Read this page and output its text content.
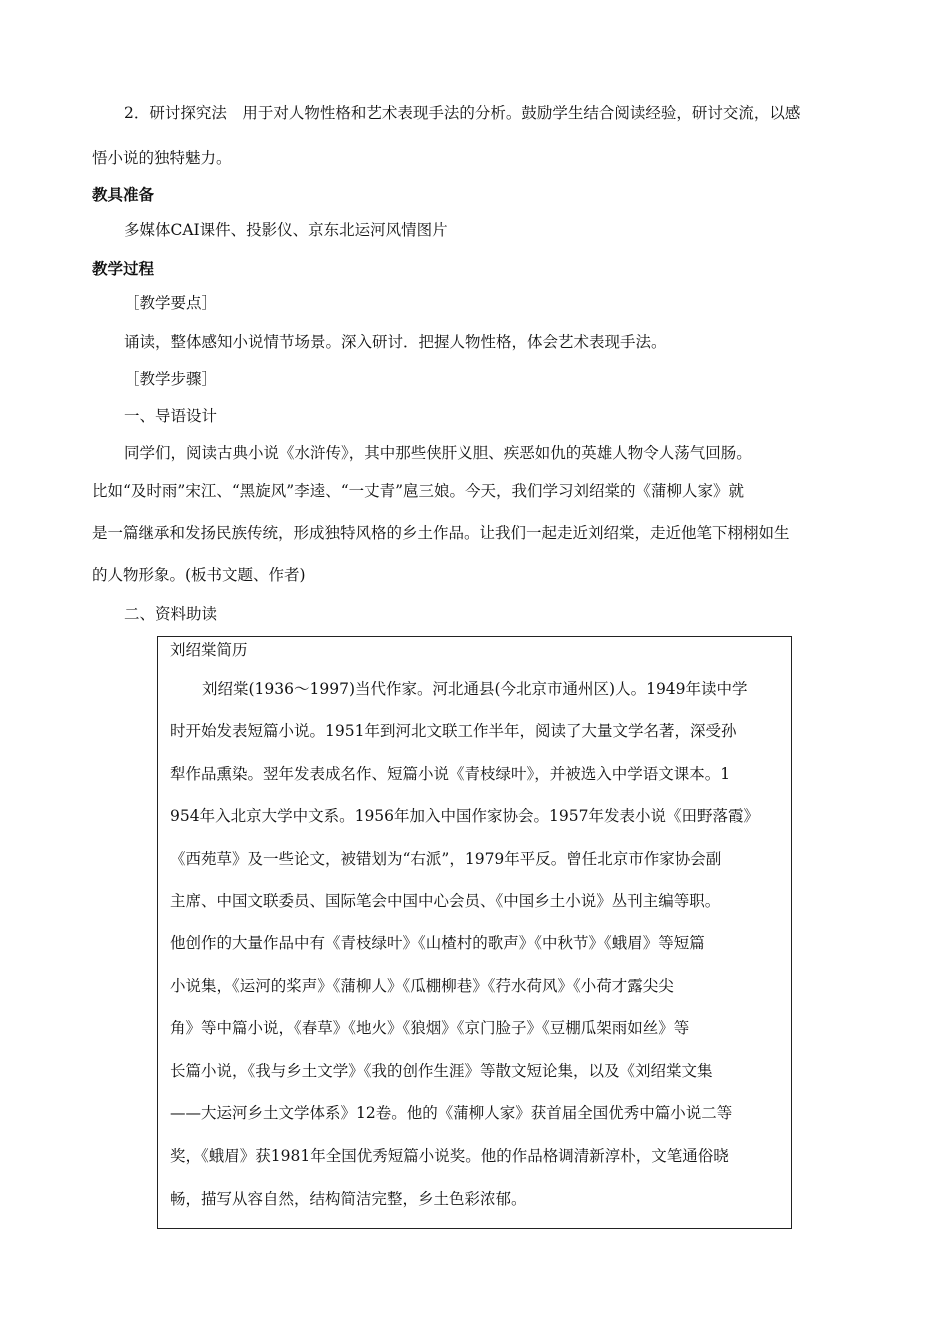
2．研讨探究法　用于对人物性格和艺术表现手法的分析。鼓励学生结合阅读经验，研讨交流，以感
悟小说的独特魅力。
教具准备
多媒体CAI课件、投影仪、京东北运河风情图片
教学过程
［教学要点］
诵读，整体感知小说情节场景。深入研讨．把握人物性格，体会艺术表现手法。
［教学步骤］
一、导语设计
同学们，阅读古典小说《水浒传》，其中那些侠肝义胆、疾恶如仇的英雄人物令人荡气回肠。
比如“及时雨”宋江、“黑旋风”李逵、“一丈青”扈三娘。今天，我们学习刘绍棠的《蒲柳人家》就
是一篇继承和发扬民族传统，形成独特风格的乡土作品。让我们一起走近刘绍棠，走近他笔下栩栩如生
的人物形象。(板书文题、作者)
二、资料助读
刘绍棠简历
刘绍棠(1936～1997)当代作家。河北通县(今北京市通州区)人。1949年读中学
时开始发表短篇小说。1951年到河北文联工作半年，阅读了大量文学名著，深受孙
犁作品熏染。翌年发表成名作、短篇小说《青枝绿叶》，并被选入中学语文课本。1
954年入北京大学中文系。1956年加入中国作家协会。1957年发表小说《田野落霞》
《西苑草》及一些论文，被错划为“右派”，1979年平反。曾任北京市作家协会副
主席、中国文联委员、国际笔会中国中心会员、《中国乡土小说》丛刊主编等职。
他创作的大量作品中有《青枝绿叶》《山楂村的歌声》《中秋节》《蛾眉》等短篇
小说集，《运河的桨声》《蒲柳人》《瓜棚柳巷》《荇水荷风》《小荷才露尖尖
角》等中篇小说，《春草》《地火》《狼烟》《京门脸子》《豆棚瓜架雨如丝》等
长篇小说，《我与乡土文学》《我的创作生涯》等散文短论集，以及《刘绍棠文集
——大运河乡土文学体系》12卷。他的《蒲柳人家》获首届全国优秀中篇小说二等
奖，《蛾眉》获1981年全国优秀短篇小说奖。他的作品格调清新淳朴，文笔通俗晓
畅，描写从容自然，结构简洁完整，乡土色彩浓郁。
